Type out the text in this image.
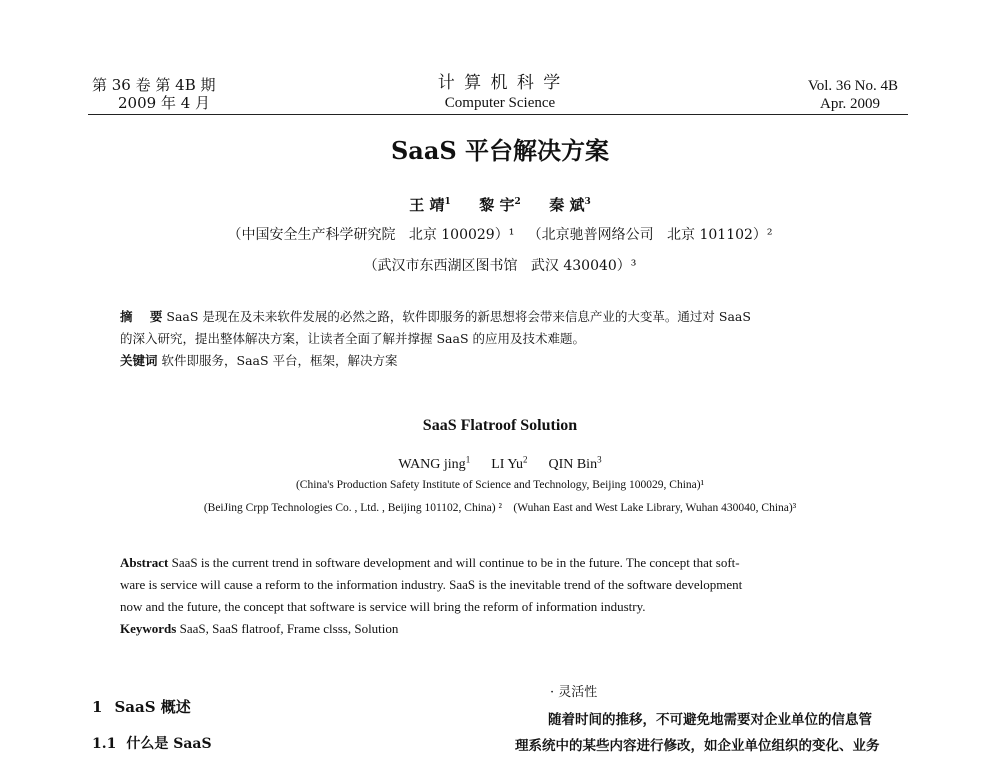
第 36 卷 第 4B 期
2009 年 4 月
计 算 机 科 学
Computer Science
Vol. 36 No. 4B
Apr. 2009
SaaS 平台解决方案
王 靖$^1$ 黎 宇$^2$ 秦 斌$^3$
（中国安全生产科学研究院   北京 100029）¹   （北京驰普网络公司   北京 101102）²
（武汉市东西湖区图书馆   武汉 430040）³
摘    要 SaaS 是现在及未来软件发展的必然之路，软件即服务的新思想将会带来信息产业的大变革。通过对 SaaS
的深入研究，提出整体解决方案，让读者全面了解并撑握 SaaS 的应用及技术难题。
关键词 软件即服务，SaaS 平台，框架，解决方案
SaaS Flatroof Solution
WANG jing$^1$ LI Yu$^2$ QIN Bin$^3$
(China's Production Safety Institute of Science and Technology, Beijing 100029, China)¹
(BeiJing Crpp Technologies Co. , Ltd. , Beijing 101102, China) ²    (Wuhan East and West Lake Library, Wuhan 430040, China)³
Abstract SaaS is the current trend in software development and will continue to be in the future. The concept that soft-
ware is service will cause a reform to the information industry. SaaS is the inevitable trend of the software development
now and the future, the concept that software is service will bring the reform of information industry.
Keywords SaaS, SaaS flatroof, Frame clsss, Solution
1 SaaS 概述
1.1 什么是 SaaS
· 灵活性
随着时间的推移，不可避免地需要对企业单位的信息管
理系统中的某些内容进行修改，如企业单位组织的变化、业务
